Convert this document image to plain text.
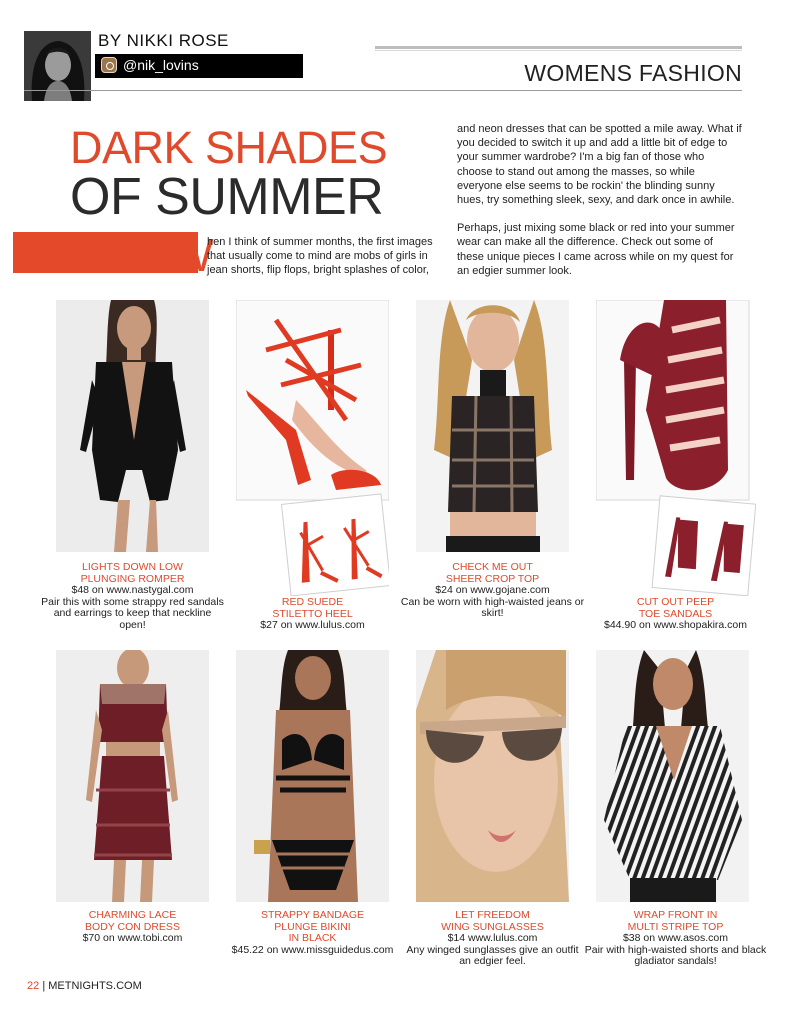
BY NIKKI ROSE
@nik_lovins	WOMENS FASHION
DARK SHADES
OF SUMMER
W
hen I think of summer months, the first images that usually come to mind are mobs of girls in jean shorts, flip flops, bright splashes of color,

and neon dresses that can be spotted a mile away. What if you decided to switch it up and add a little bit of edge to your summer wardrobe? I'm a big fan of those who choose to stand out among the masses, so while everyone else seems to be rockin' the blinding sunny hues, try something sleek, sexy, and dark once in awhile.

Perhaps, just mixing some black or red into your summer wear can make all the difference. Check out some of these unique pieces I came across while on my quest for an edgier summer look.

LIGHTS DOWN LOW
PLUNGING ROMPER
$48 on www.nastygal.com
Pair this with some strappy red sandals and earrings to keep that neckline open!
RED SUEDE
STILETTO HEEL
$27 on www.lulus.com
CHECK ME OUT
SHEER CROP TOP
$24 on www.gojane.com
Can be worn with high-waisted jeans or skirt!
CUT OUT PEEP
TOE SANDALS
$44.90 on www.shopakira.com
CHARMING LACE
BODY CON DRESS
$70 on www.tobi.com
STRAPPY BANDAGE
PLUNGE BIKINI
IN BLACK
$45.22 on www.missguidedus.com
LET FREEDOM
WING SUNGLASSES
$14 www.lulus.com
Any winged sunglasses give an outfit an edgier feel.
WRAP FRONT IN
MULTI STRIPE TOP
$38 on www.asos.com
Pair with high-waisted shorts and black gladiator sandals!
22 | METNIGHTS.COM
